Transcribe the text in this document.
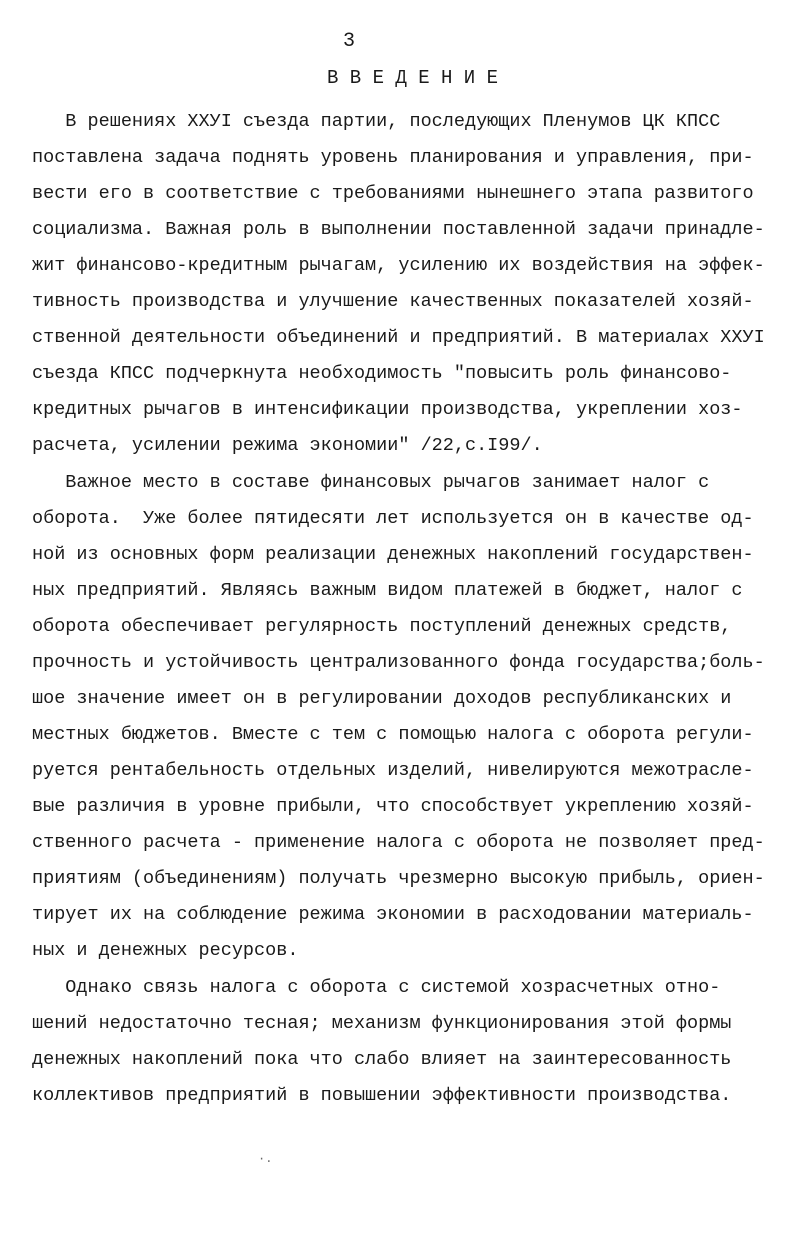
3
В В Е Д Е Н И Е
В решениях XXУI съезда партии, последующих Пленумов ЦК КПСС
поставлена задача поднять уровень планирования и управления, при-
вести его в соответствие с требованиями нынешнего этапа развитого
социализма. Важная роль в выполнении поставленной задачи принадле-
жит финансово-кредитным рычагам, усилению их воздействия на эффек-
тивность производства и улучшение качественных показателей хозяй-
ственной деятельности объединений и предприятий. В материалах XXУI
съезда КПСС подчеркнута необходимость "повысить роль финансово-
кредитных рычагов в интенсификации производства, укреплении хоз-
расчета, усилении режима экономии" /22,с.I99/.
Важное место в составе финансовых рычагов занимает налог с
оборота.  Уже более пятидесяти лет используется он в качестве од-
ной из основных форм реализации денежных накоплений государствен-
ных предприятий. Являясь важным видом платежей в бюджет, налог с
оборота обеспечивает регулярность поступлений денежных средств,
прочность и устойчивость централизованного фонда государства;боль-
шое значение имеет он в регулировании доходов республиканских и
местных бюджетов. Вместе с тем с помощью налога с оборота регули-
руется рентабельность отдельных изделий, нивелируются межотрасле-
вые различия в уровне прибыли, что способствует укреплению хозяй-
ственного расчета - применение налога с оборота не позволяет пред-
приятиям (объединениям) получать чрезмерно высокую прибыль, ориен-
тирует их на соблюдение режима экономии в расходовании материаль-
ных и денежных ресурсов.
Однако связь налога с оборота с системой хозрасчетных отно-
шений недостаточно тесная; механизм функционирования этой формы
денежных накоплений пока что слабо влияет на заинтересованность
коллективов предприятий в повышении эффективности производства.
·.
